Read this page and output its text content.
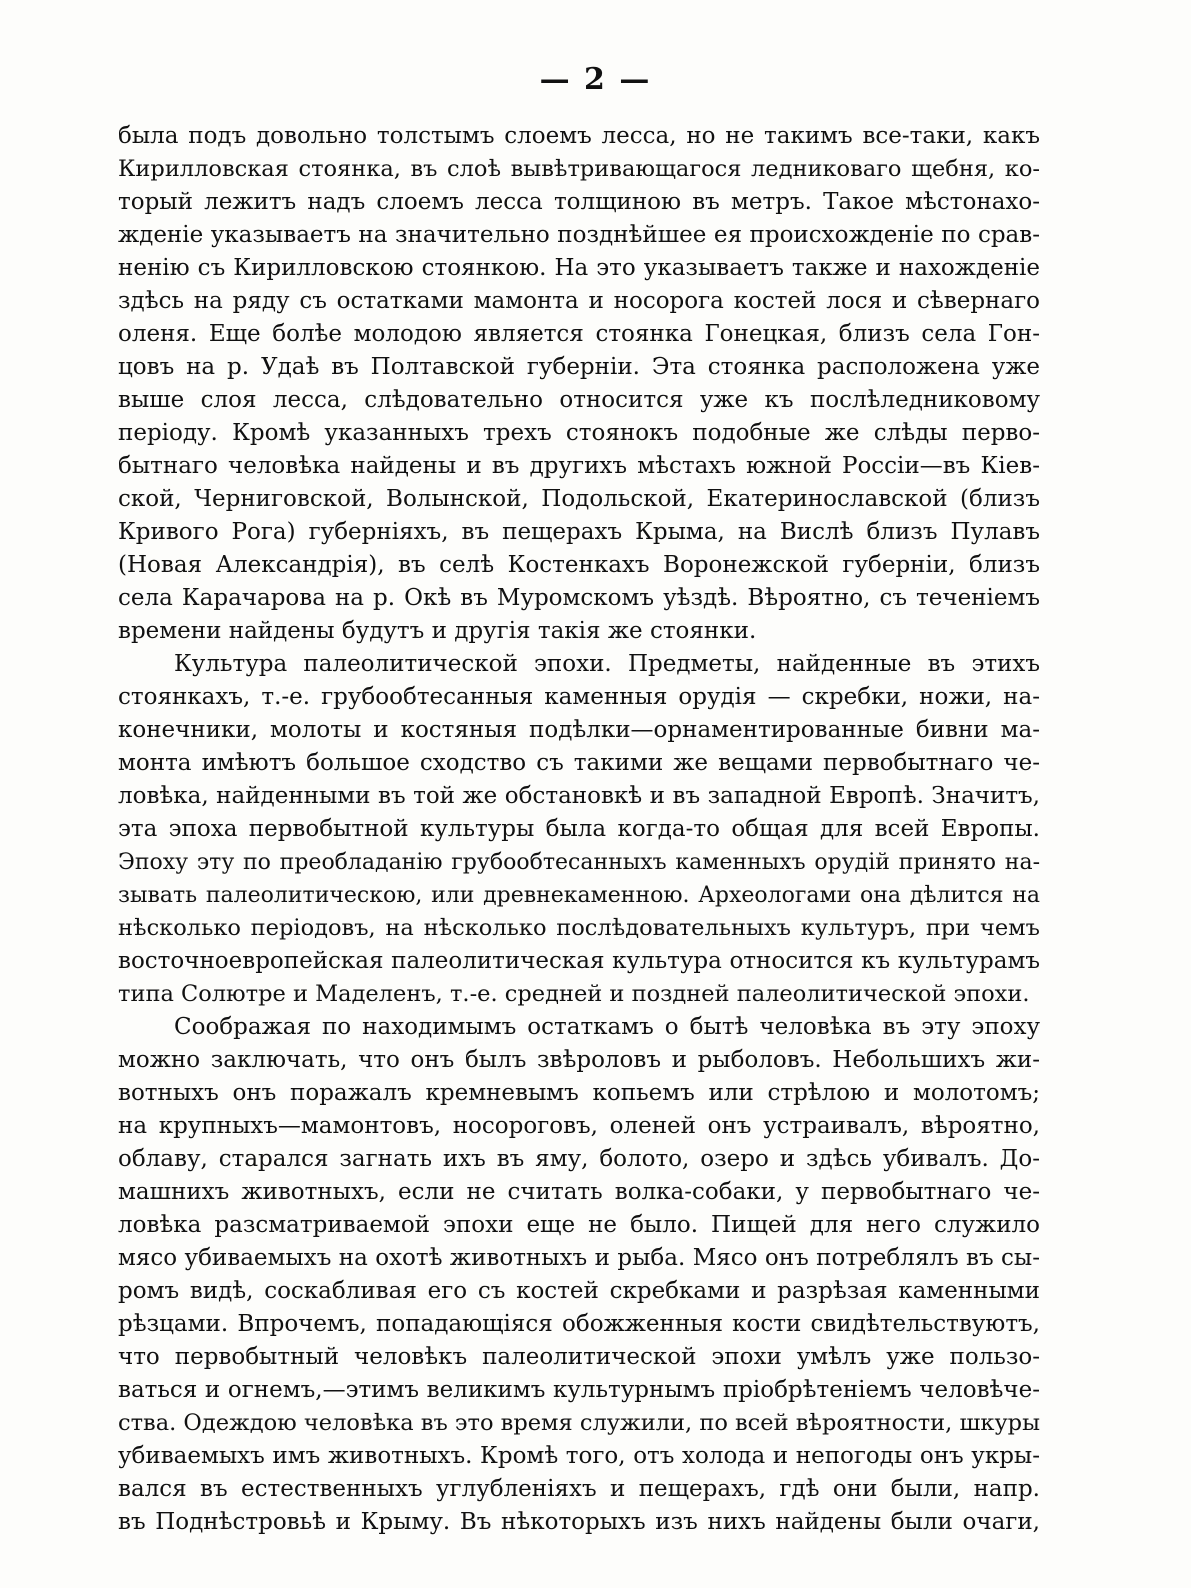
— 2 —
была подъ довольно толстымъ слоемъ лесса, но не такимъ все-таки, какъ
Кирилловская стоянка, въ слоѣ вывѣтривающагося ледниковаго щебня, ко-
торый лежитъ надъ слоемъ лесса толщиною въ метръ. Такое мѣстонахо-
жденіе указываетъ на значительно позднѣйшее ея происхожденіе по срав-
ненію съ Кирилловскою стоянкою. На это указываетъ также и нахожденіе
здѣсь на ряду съ остатками мамонта и носорога костей лося и сѣвернаго
оленя. Еще болѣе молодою является стоянка Гонецкая, близъ села Гон-
цовъ на р. Удаѣ въ Полтавской губерніи. Эта стоянка расположена уже
выше слоя лесса, слѣдовательно относится уже къ послѣледниковому
періоду. Кромѣ указанныхъ трехъ стоянокъ подобные же слѣды перво-
бытнаго человѣка найдены и въ другихъ мѣстахъ южной Россіи—въ Кіев-
ской, Черниговской, Волынской, Подольской, Екатеринославской (близъ
Кривого Рога) губерніяхъ, въ пещерахъ Крыма, на Вислѣ близъ Пулавъ
(Новая Александрія), въ селѣ Костенкахъ Воронежской губерніи, близъ
села Карачарова на р. Окѣ въ Муромскомъ уѣздѣ. Вѣроятно, съ теченіемъ
времени найдены будутъ и другія такія же стоянки.
Культура палеолитической эпохи. Предметы, найденные въ этихъ
стоянкахъ, т.-е. грубообтесанныя каменныя орудія — скребки, ножи, на-
конечники, молоты и костяныя подѣлки—орнаментированные бивни ма-
монта имѣютъ большое сходство съ такими же вещами первобытнаго че-
ловѣка, найденными въ той же обстановкѣ и въ западной Европѣ. Значитъ,
эта эпоха первобытной культуры была когда-то общая для всей Европы.
Эпоху эту по преобладанію грубообтесанныхъ каменныхъ орудій принято на-
зывать палеолитическою, или древнекаменною. Археологами она дѣлится на
нѣсколько періодовъ, на нѣсколько послѣдовательныхъ культуръ, при чемъ
восточноевропейская палеолитическая культура относится къ культурамъ
типа Солютре и Маделенъ, т.-е. средней и поздней палеолитической эпохи.
Соображая по находимымъ остаткамъ о бытѣ человѣка въ эту эпоху
можно заключать, что онъ былъ звѣроловъ и рыболовъ. Небольшихъ жи-
вотныхъ онъ поражалъ кремневымъ копьемъ или стрѣлою и молотомъ;
на крупныхъ—мамонтовъ, носороговъ, оленей онъ устраивалъ, вѣроятно,
облаву, старался загнать ихъ въ яму, болото, озеро и здѣсь убивалъ. До-
машнихъ животныхъ, если не считать волка-собаки, у первобытнаго че-
ловѣка разсматриваемой эпохи еще не было. Пищей для него служило
мясо убиваемыхъ на охотѣ животныхъ и рыба. Мясо онъ потреблялъ въ сы-
ромъ видѣ, соскабливая его съ костей скребками и разрѣзая каменными
рѣзцами. Впрочемъ, попадающіяся обожженныя кости свидѣтельствуютъ,
что первобытный человѣкъ палеолитической эпохи умѣлъ уже пользо-
ваться и огнемъ,—этимъ великимъ культурнымъ пріобрѣтеніемъ человѣче-
ства. Одеждою человѣка въ это время служили, по всей вѣроятности, шкуры
убиваемыхъ имъ животныхъ. Кромѣ того, отъ холода и непогоды онъ укры-
вался въ естественныхъ углубленіяхъ и пещерахъ, гдѣ они были, напр.
въ Поднѣстровьѣ и Крыму. Въ нѣкоторыхъ изъ нихъ найдены были очаги,
